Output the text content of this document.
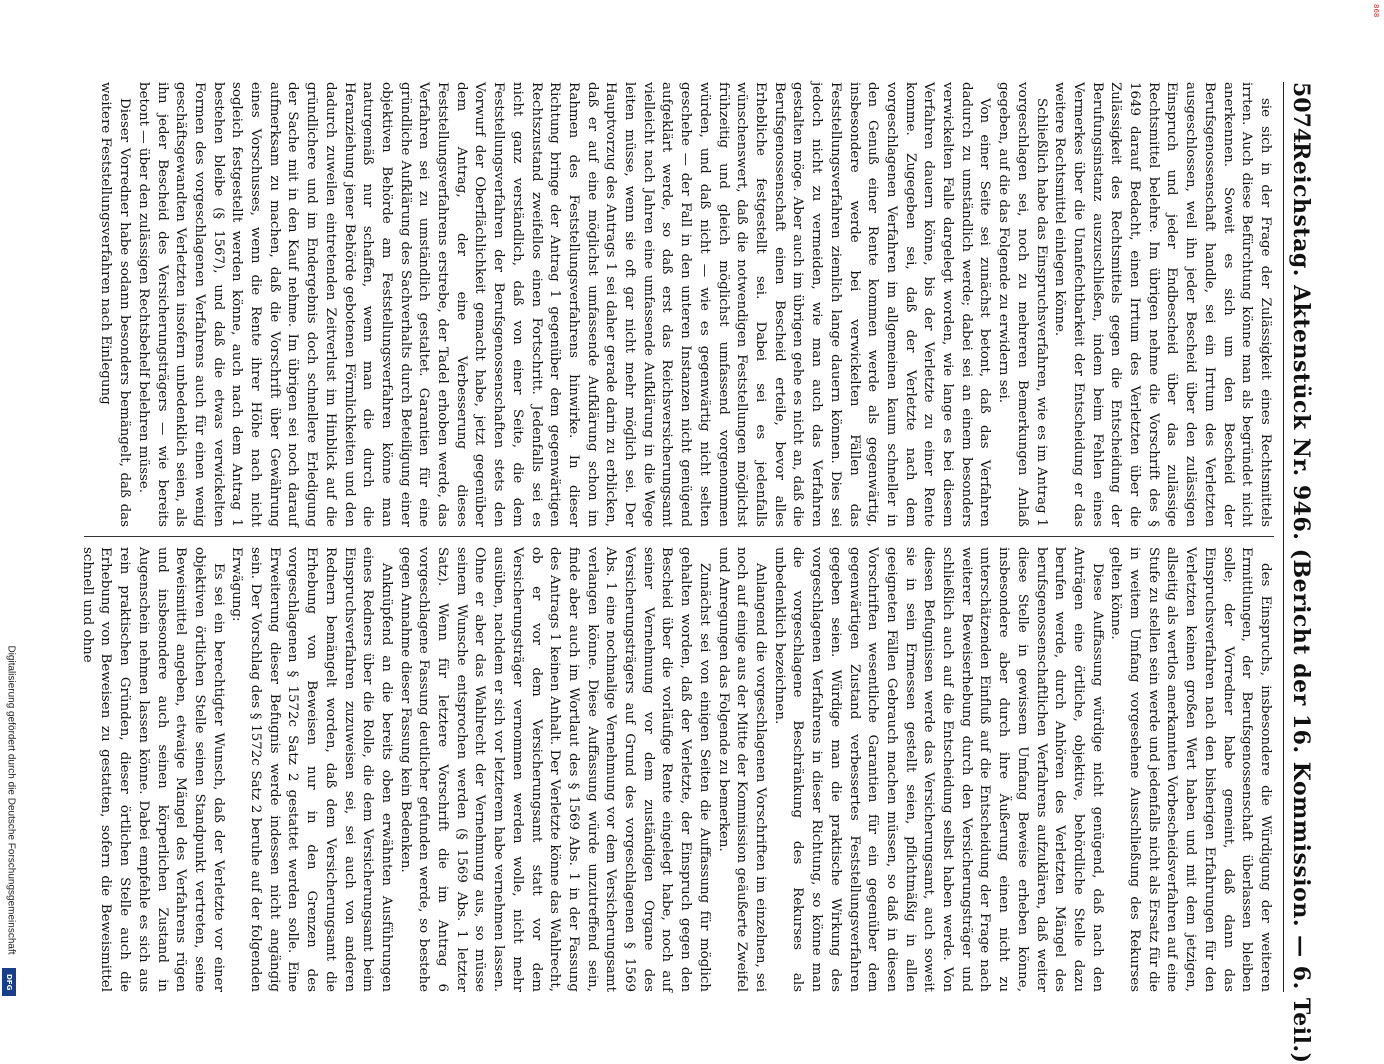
Digitalisierung gefördert durch die Deutsche Forschungsgemeinschaft
DFG
868
5074
Reichstag. Aktenstück Nr. 946. (Bericht der 16. Kommission. — 6. Teil.)

sie sich in der Frage der Zulässigkeit eines Rechtsmittels irrten. Auch diese Befürchtung könne man als begründet nicht anerkennen. Soweit es sich um den Bescheid der Berufsgenossenschaft handle, sei ein Irrtum des Verletzten ausgeschlossen, weil ihn jeder Bescheid über den zulässigen Einspruch und jeder Endbescheid über das zulässige Rechtsmittel belehre. Im übrigen nehme die Vorschrift des § 1649 darauf Bedacht, einen Irrtum des Verletzten über die Zulässigkeit des Rechtsmittels gegen die Entscheidung der Berufungsinstanz auszuschließen, indem beim Fehlen eines Vermerkes über die Unanfechtbarkeit der Entscheidung er das weitere Rechtsmittel einlegen könne.

Schließlich habe das Einspruchsverfahren, wie es im Antrag 1 vorgeschlagen sei, noch zu mehreren Bemerkungen Anlaß gegeben, auf die das Folgende zu erwidern sei.

Von einer Seite sei zunächst betont, daß das Verfahren dadurch zu umständlich werde; dabei sei an einem besonders verwickelten Falle dargelegt worden, wie lange es bei diesem Verfahren dauern könne, bis der Verletzte zu einer Rente komme. Zugegeben sei, daß der Verletzte nach dem vorgeschlagenen Verfahren im allgemeinen kaum schneller in den Genuß einer Rente kommen werde als gegenwärtig, insbesondere werde bei verwickelten Fällen das Feststellungsverfahren ziemlich lange dauern können. Dies sei jedoch nicht zu vermeiden, wie man auch das Verfahren gestalten möge. Aber auch im übrigen gehe es nicht an, daß die Berufsgenossenschaft einen Bescheid erteile, bevor alles Erhebliche festgestellt sei. Dabei sei es jedenfalls wünschenswert, daß die notwendigen Feststellungen möglichst frühzeitig und gleich möglichst umfassend vorgenommen würden, und daß nicht — wie es gegenwärtig nicht selten geschehe — der Fall in den unteren Instanzen nicht genügend aufgeklärt werde, so daß erst das Reichsversicherungsamt vielleicht nach Jahren eine umfassende Aufklärung in die Wege leiten müsse, wenn sie oft gar nicht mehr möglich sei. Der Hauptvorzug des Antrags 1 sei daher gerade darin zu erblicken, daß er auf eine möglichst umfassende Aufklärung schon im Rahmen des Feststellungsverfahrens hinwirke. In dieser Richtung bringe der Antrag 1 gegenüber dem gegenwärtigen Rechtszustand zweifellos einen Fortschritt. Jedenfalls sei es nicht ganz verständlich, daß von einer Seite, die dem Feststellungsverfahren der Berufsgenossenschaften stets den Vorwurf der Oberflächlichkeit gemacht habe, jetzt gegenüber dem Antrag, der eine Verbesserung dieses Feststellungsverfahrens erstrebe, der Tadel erhoben werde, das Verfahren sei zu umständlich gestaltet. Garantien für eine gründliche Aufklärung des Sachverhalts durch Beteiligung einer objektiven Behörde am Feststellungsverfahren könne man naturgemäß nur schaffen, wenn man die durch die Heranziehung jener Behörde gebotenen Förmlichkeiten und den dadurch zuweilen eintretenden Zeitverlust im Hinblick auf die gründlichere und im Endergebnis doch schnellere Erledigung der Sache mit in den Kauf nehme. Im übrigen sei noch darauf aufmerksam zu machen, daß die Vorschrift über Gewährung eines Vorschusses, wenn die Rente ihrer Höhe nach nicht sogleich festgestellt werden könne, auch nach dem Antrag 1 bestehen bleibe (§ 1567), und daß die etwas verwickelten Formen des vorgeschlagenen Verfahrens auch für einen wenig geschäftsgewandten Verletzten insofern unbedenklich seien, als ihn jeder Bescheid des Versicherungsträgers — wie bereits betont — über den zulässigen Rechtsbehelf belehren müsse.

Dieser Vorredner habe sodann besonders bemängelt, daß das weitere Feststellungsverfahren nach Einlegung

des Einspruchs, insbesondere die Würdigung der weiteren Ermittlungen, der Berufsgenossenschaft überlassen bleiben solle; der Vorredner habe gemeint, daß dann das Einspruchsverfahren nach den bisherigen Erfahrungen für den Verletzten keinen großen Wert haben und mit dem jetzigen, allseitig als wertlos anerkannten Vorbescheidsverfahren auf eine Stufe zu stellen sein werde und jedenfalls nicht als Ersatz für die in weitem Umfang vorgesehene Ausschließung des Rekurses gelten könne.

Diese Auffassung würdige nicht genügend, daß nach den Anträgen eine örtliche, objektive, behördliche Stelle dazu berufen werde, durch Anhören des Verletzten Mängel des berufsgenossenschaftlichen Verfahrens aufzuklären, daß weiter diese Stelle in gewissem Umfang Beweise erheben könne, insbesondere aber durch ihre Äußerung einen nicht zu unterschätzenden Einfluß auf die Entscheidung der Frage nach weiterer Beweiserhebung durch den Versicherungsträger und schließlich auch auf die Entscheidung selbst haben werde. Von diesen Befugnissen werde das Versicherungsamt, auch soweit sie in sein Ermessen gestellt seien, pflichtmäßig in allen geeigneten Fällen Gebrauch machen müssen, so daß in diesen Vorschriften wesentliche Garantien für ein gegenüber dem gegenwärtigen Zustand verbessertes Feststellungsverfahren gegeben seien. Würdige man die praktische Wirkung des vorgeschlagenen Verfahrens in dieser Richtung, so könne man die vorgeschlagene Beschränkung des Rekurses als unbedenklich bezeichnen.

Anlangend die vorgeschlagenen Vorschriften im einzelnen, sei noch auf einige aus der Mitte der Kommission geäußerte Zweifel und Anregungen das Folgende zu bemerken.

Zunächst sei von einigen Seiten die Auffassung für möglich gehalten worden, daß der Verletzte, der Einspruch gegen den Bescheid über die vorläufige Rente eingelegt habe, noch auf seiner Vernehmung vor dem zuständigen Organe des Versicherungsträgers auf Grund des vorgeschlagenen § 1569 Abs. 1 eine nochmalige Vernehmung vor dem Versicherungsamt verlangen könne. Diese Auffassung würde unzutreffend sein, finde aber auch im Wortlaut des § 1569 Abs. 1 in der Fassung des Antrags 1 keinen Anhalt. Der Verletzte könne das Wahlrecht, ob er vor dem Versicherungsamt statt vor dem Versicherungsträger vernommen werden wolle, nicht mehr ausüben, nachdem er sich vor letzterem habe vernehmen lassen. Ohne er aber das Wahlrecht der Vernehmung aus, so müsse seinem Wunsche entsprochen werden (§ 1569 Abs. 1 letzter Satz). Wenn für letztere Vorschrift die im Antrag 6 vorgeschlagene Fassung deutlicher gefunden werde, so bestehe gegen Annahme dieser Fassung kein Bedenken.

Anknüpfend an die bereits oben erwähnten Ausführungen eines Redners über die Rolle, die dem Versicherungsamt beim Einspruchsverfahren zuzuweisen sei, sei auch von anderen Rednern bemängelt worden, daß dem Versicherungsamt die Erhebung von Beweisen nur in den Grenzen des vorgeschlagenen § 1572c Satz 2 gestattet werden solle. Eine Erweiterung dieser Befugnis werde indessen nicht angängig sein. Der Vorschlag des § 1572c Satz 2 beruhe auf der folgenden Erwägung:

Es sei ein berechtigter Wunsch, daß der Verletzte vor einer objektiven örtlichen Stelle seinen Standpunkt vertreten, seine Beweismittel angeben, etwaige Mängel des Verfahrens rügen und insbesondere auch seinen körperlichen Zustand in Augenschein nehmen lassen könne. Dabei empfehle es sich aus rein praktischen Gründen, dieser örtlichen Stelle auch die Erhebung von Beweisen zu gestatten, sofern die Beweismittel schnell und ohne
